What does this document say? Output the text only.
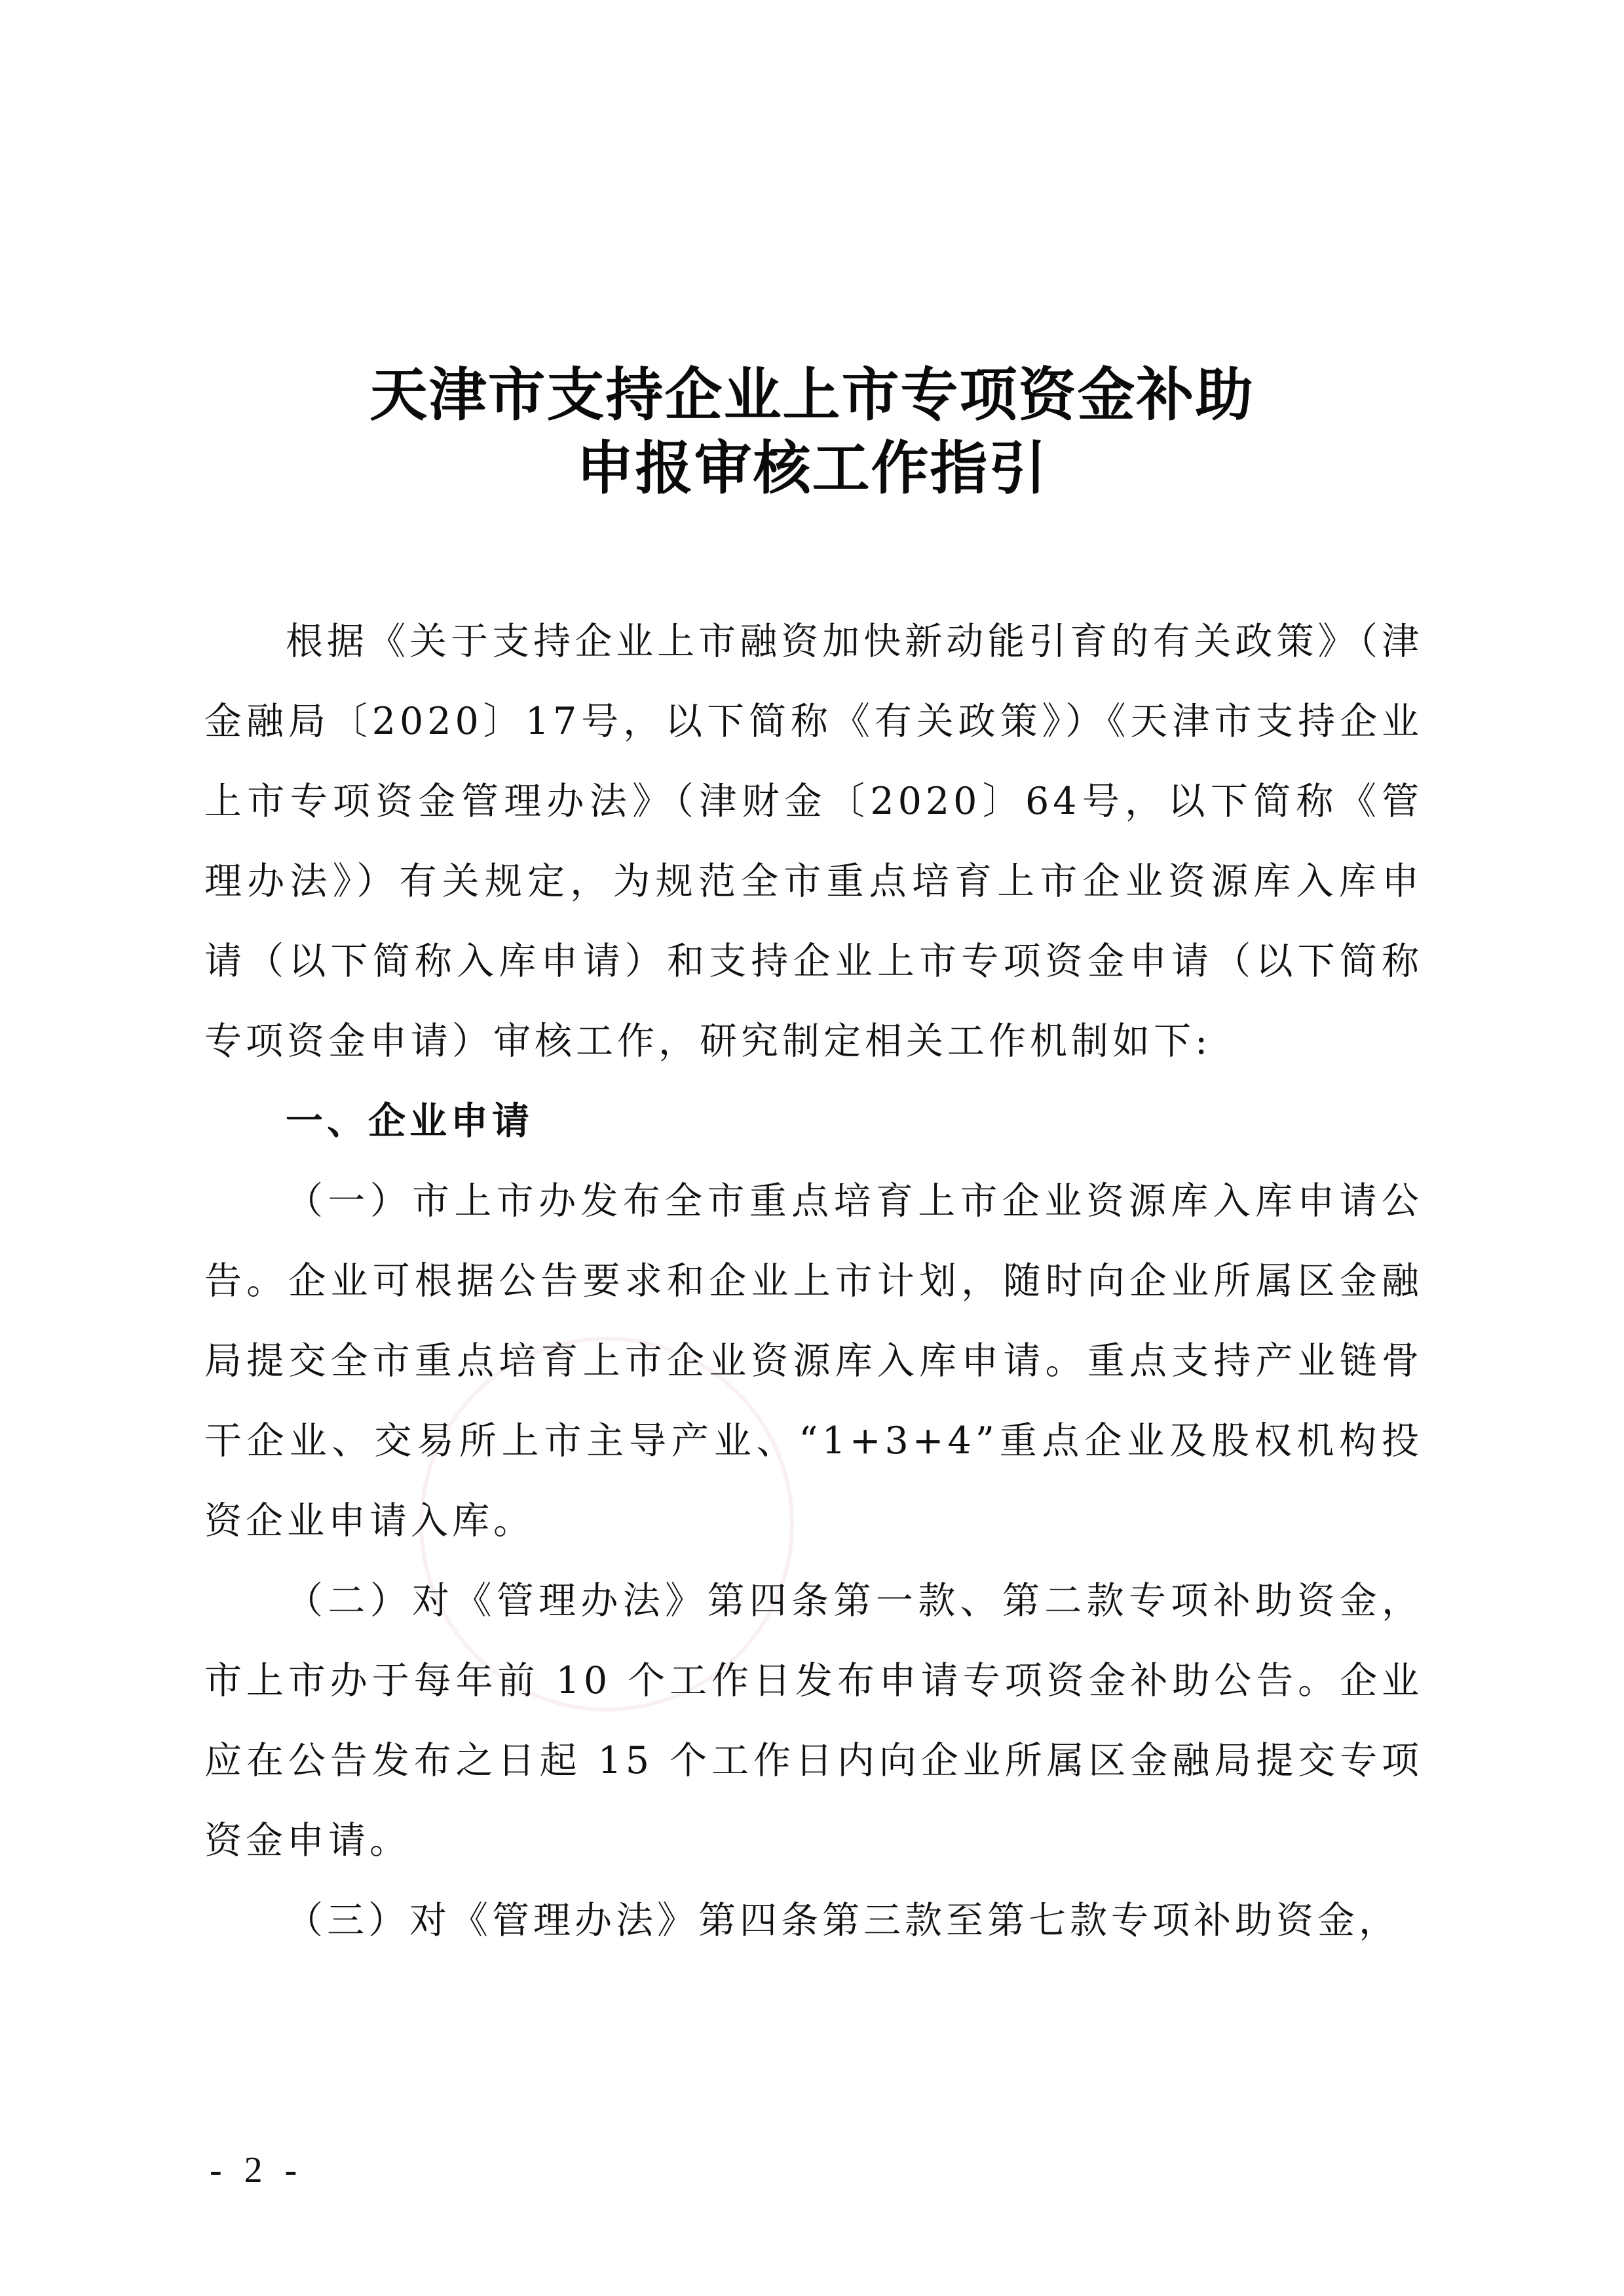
天津市支持企业上市专项资金补助
申报审核工作指引

根据《关于支持企业上市融资加快新动能引育的有关政策》（津金融局〔2020〕17号，以下简称《有关政策》）《天津市支持企业上市专项资金管理办法》（津财金〔2020〕64号，以下简称《管理办法》）有关规定，为规范全市重点培育上市企业资源库入库申请（以下简称入库申请）和支持企业上市专项资金申请（以下简称专项资金申请）审核工作，研究制定相关工作机制如下:

一、企业申请

（一）市上市办发布全市重点培育上市企业资源库入库申请公告。企业可根据公告要求和企业上市计划，随时向企业所属区金融局提交全市重点培育上市企业资源库入库申请。重点支持产业链骨干企业、交易所上市主导产业、“1+3+4”重点企业及股权机构投资企业申请入库。

（二）对《管理办法》第四条第一款、第二款专项补助资金，市上市办于每年前 10 个工作日发布申请专项资金补助公告。企业应在公告发布之日起 15 个工作日内向企业所属区金融局提交专项资金申请。

（三）对《管理办法》第四条第三款至第七款专项补助资金，

- 2 -
